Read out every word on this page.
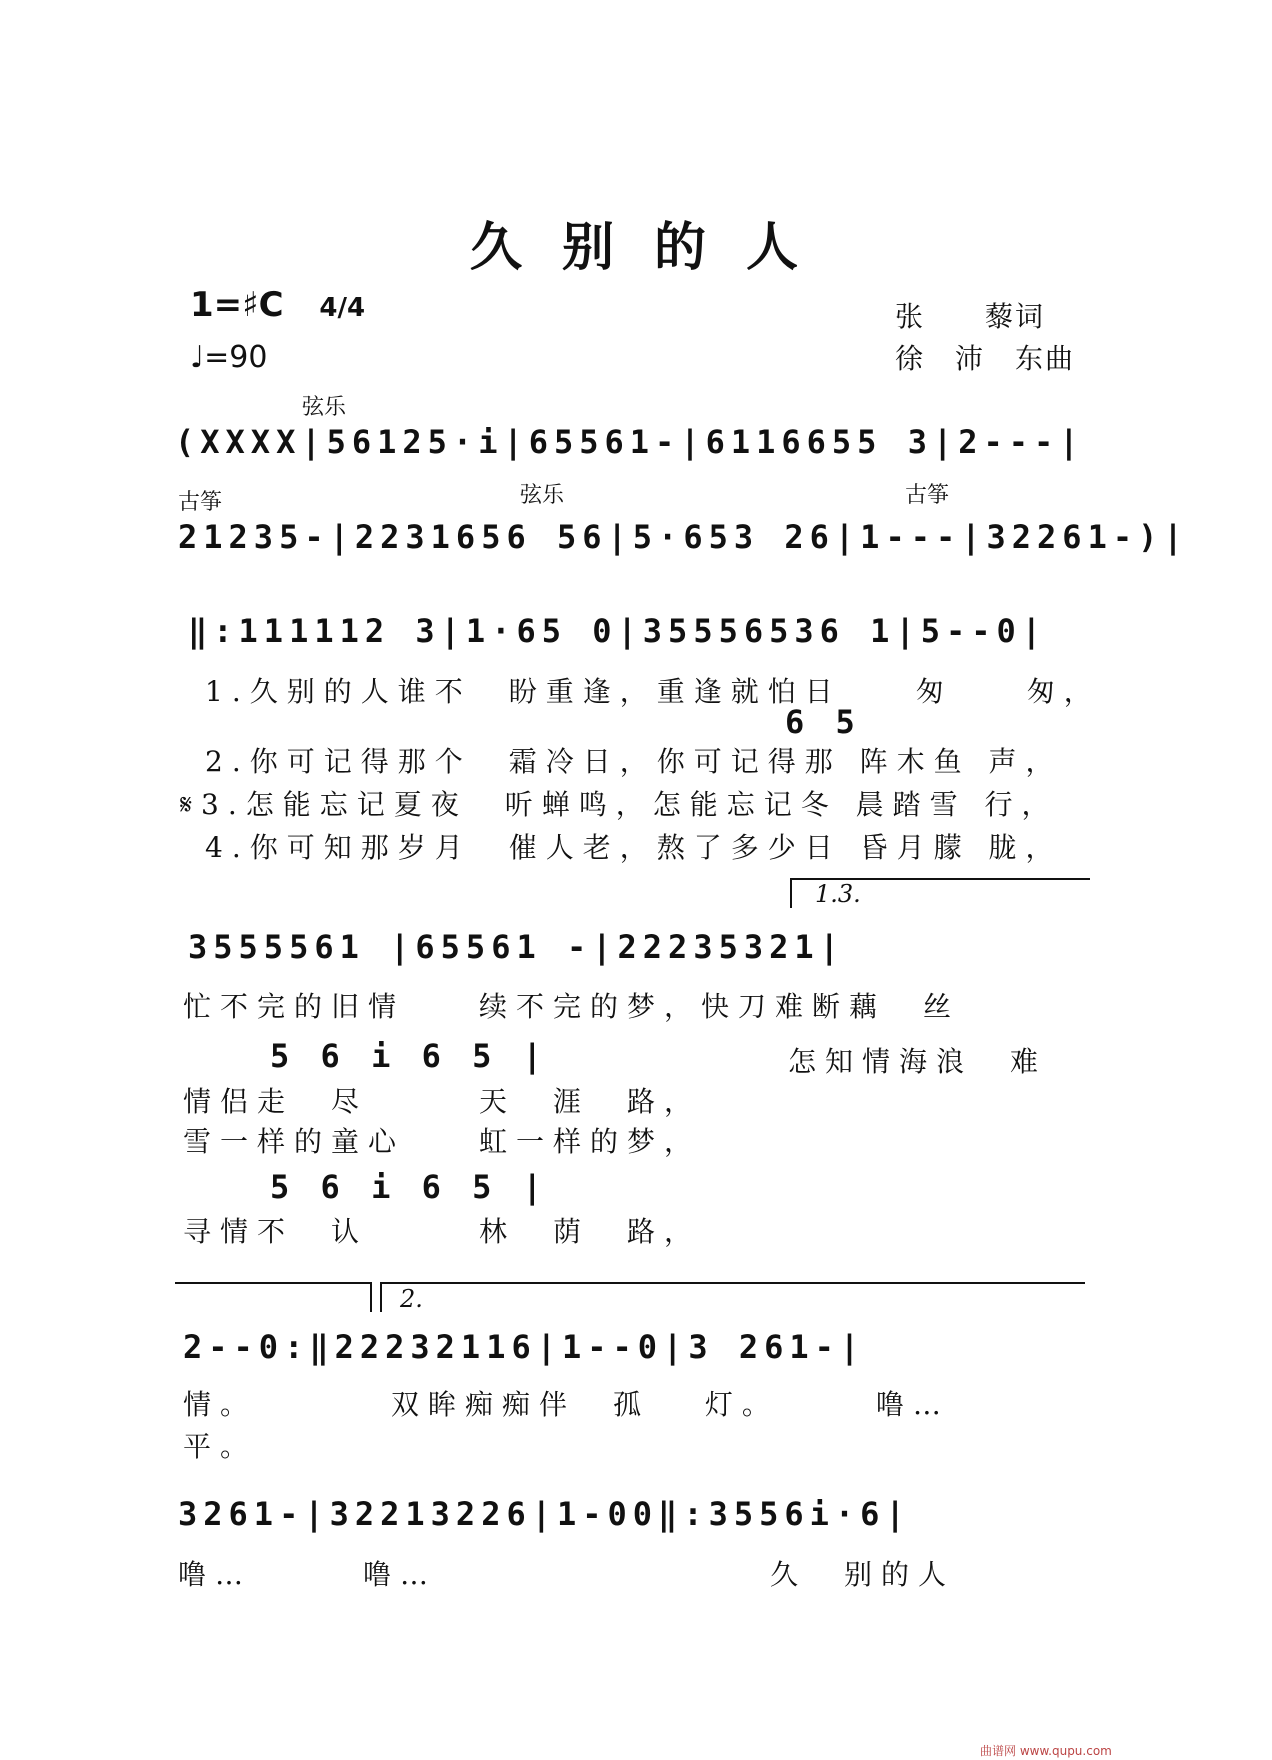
久别的人
1=♯C 4/4
♩=90
张　　藜词
徐　沛　东曲
弦乐
(XXXX|56125·i|65561-|6116655 3|2---|
古筝	弦乐	古筝
21235-|2231656 56|5·653 26|1---|32261-)|
‖:111112 3|1·65 0|35556536 1|5--0|
1.久别的人谁不　盼重逢，重逢就怕日　　匆　　匆，
6 5
2.你可记得那个　霜冷日，你可记得那 阵木鱼 声，
𝄋3.怎能忘记夏夜　听蝉鸣，怎能忘记冬 晨踏雪 行，
4.你可知那岁月　催人老，熬了多少日 昏月朦 胧，
1.3.
3555561 |65561 -|22235321|
忙不完的旧情　　续不完的梦，快刀难断藕　丝
5 6 i 6 5 |	怎知情海浪　难
情侣走　尽　　　天　涯　路，
雪一样的童心　　虹一样的梦，
5 6 i 6 5 |
寻情不　认　　　林　荫　路，
2.
2--0:‖22232116|1--0|3 261-|
情。　　　　双眸痴痴伴　孤　 灯。　　　噜…
平。
3261-|32213226|1-00‖:3556i·6|
噜…　　　噜…　　　　　　　　　久　别的人
曲谱网 www.qupu.com
